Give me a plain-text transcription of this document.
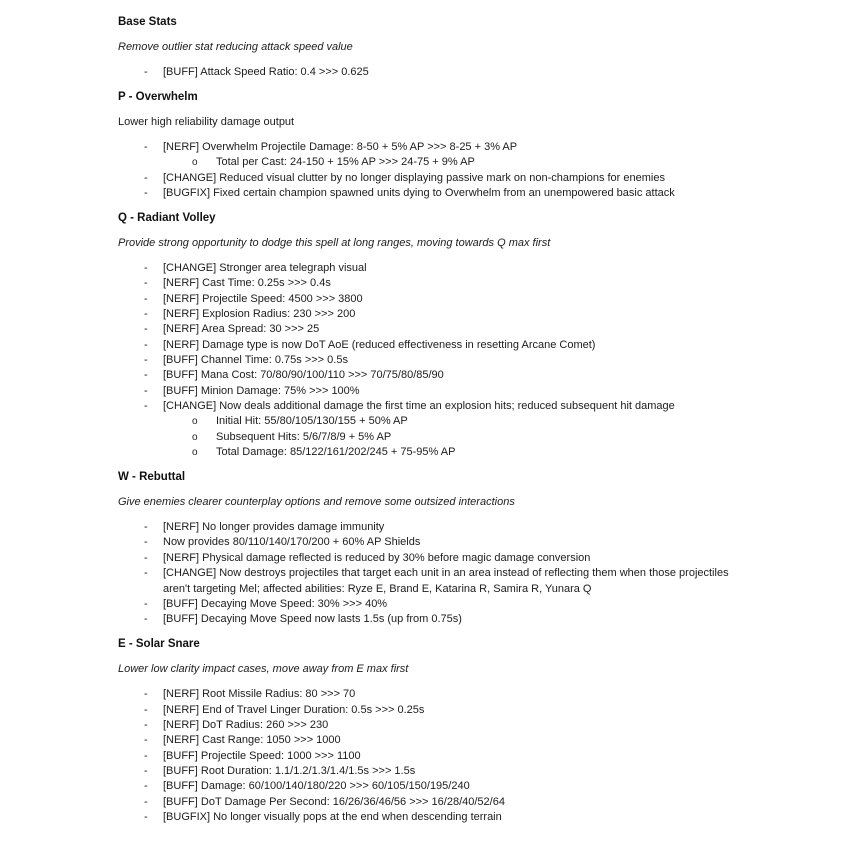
Base Stats
Remove outlier stat reducing attack speed value
-	[BUFF] Attack Speed Ratio: 0.4 >>> 0.625
P - Overwhelm
Lower high reliability damage output
-	[NERF] Overwhelm Projectile Damage: 8-50 + 5% AP >>> 8-25 + 3% AP
o	Total per Cast: 24-150 + 15% AP >>> 24-75 + 9% AP
-	[CHANGE] Reduced visual clutter by no longer displaying passive mark on non-champions for enemies
-	[BUGFIX] Fixed certain champion spawned units dying to Overwhelm from an unempowered basic attack
Q - Radiant Volley
Provide strong opportunity to dodge this spell at long ranges, moving towards Q max first
-	[CHANGE] Stronger area telegraph visual
-	[NERF] Cast Time: 0.25s >>> 0.4s
-	[NERF] Projectile Speed: 4500 >>> 3800
-	[NERF] Explosion Radius: 230 >>> 200
-	[NERF] Area Spread: 30 >>> 25
-	[NERF] Damage type is now DoT AoE (reduced effectiveness in resetting Arcane Comet)
-	[BUFF] Channel Time: 0.75s >>> 0.5s
-	[BUFF] Mana Cost: 70/80/90/100/110 >>> 70/75/80/85/90
-	[BUFF] Minion Damage: 75% >>> 100%
-	[CHANGE] Now deals additional damage the first time an explosion hits; reduced subsequent hit damage
o	Initial Hit: 55/80/105/130/155 + 50% AP
o	Subsequent Hits: 5/6/7/8/9 + 5% AP
o	Total Damage: 85/122/161/202/245 + 75-95% AP
W - Rebuttal
Give enemies clearer counterplay options and remove some outsized interactions
-	[NERF] No longer provides damage immunity
-	Now provides 80/110/140/170/200 + 60% AP Shields
-	[NERF] Physical damage reflected is reduced by 30% before magic damage conversion
-	[CHANGE] Now destroys projectiles that target each unit in an area instead of reflecting them when those projectiles aren't targeting Mel; affected abilities: Ryze E, Brand E, Katarina R, Samira R, Yunara Q
-	[BUFF] Decaying Move Speed: 30% >>> 40%
-	[BUFF] Decaying Move Speed now lasts 1.5s (up from 0.75s)
E - Solar Snare
Lower low clarity impact cases, move away from E max first
-	[NERF] Root Missile Radius: 80 >>> 70
-	[NERF] End of Travel Linger Duration: 0.5s >>> 0.25s
-	[NERF] DoT Radius: 260 >>> 230
-	[NERF] Cast Range: 1050 >>> 1000
-	[BUFF] Projectile Speed: 1000 >>> 1100
-	[BUFF] Root Duration: 1.1/1.2/1.3/1.4/1.5s >>> 1.5s
-	[BUFF] Damage: 60/100/140/180/220 >>> 60/105/150/195/240
-	[BUFF] DoT Damage Per Second: 16/26/36/46/56 >>> 16/28/40/52/64
-	[BUGFIX] No longer visually pops at the end when descending terrain
